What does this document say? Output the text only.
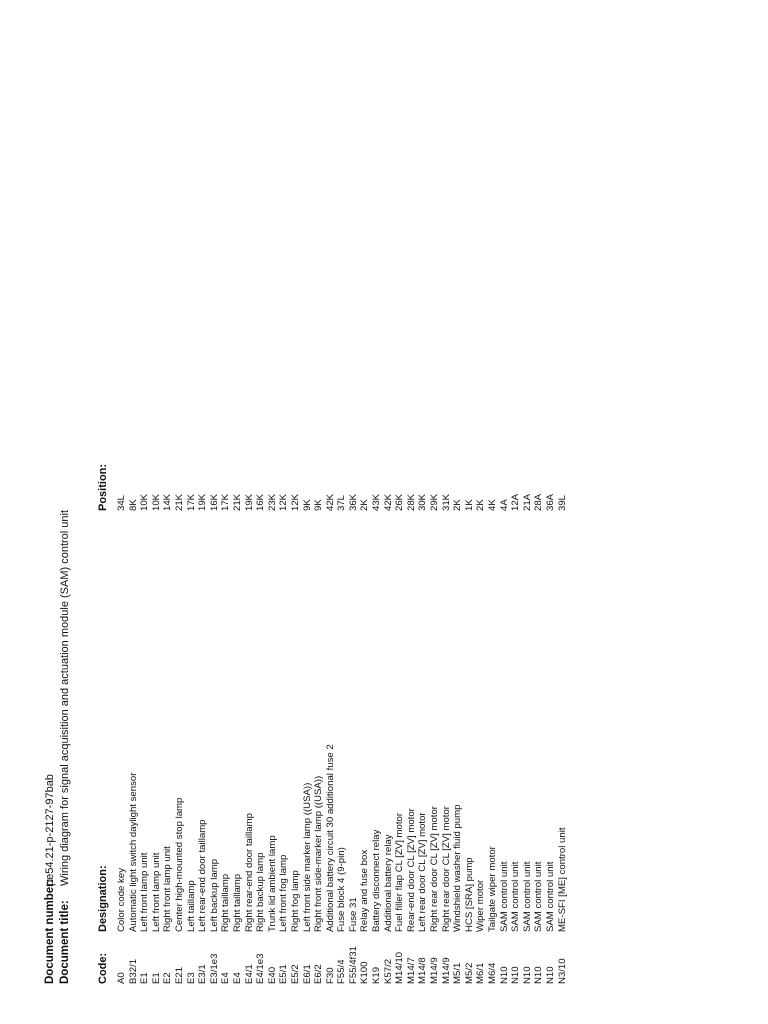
Document number:
pe54.21-p-2127-97bab
Document title:
Wiring diagram for signal acquisition and actuation module (SAM) control unit
Code:
Designation:
Position:
A0
Color code key
34L
B32/1
Automatic light switch daylight sensor
8K
E1
Left front lamp unit
10K
E1
Left front lamp unit
10K
E2
Right front lamp unit
14K
E21
Center high-mounted stop lamp
21K
E3
Left taillamp
17K
E3/1
Left rear-end door taillamp
19K
E3/1e3
Left backup lamp
16K
E4
Right taillamp
17K
E4
Right taillamp
21K
E4/1
Right rear-end door taillamp
19K
E4/1e3
Right backup lamp
16K
E40
Trunk lid ambient lamp
23K
E5/1
Left front fog lamp
12K
E5/2
Right fog lamp
12K
E6/1
Left front side marker lamp ((USA))
9K
E6/2
Right front side-marker lamp ((USA))
9K
F30
Additional battery circuit 30 additional fuse 2
42K
F55/4
Fuse block 4 (9-pin)
37L
F55/4f31
Fuse 31
36K
K100
Relay and fuse box
2K
K19
Battery disconnect relay
43K
K57/2
Additional battery relay
42K
M14/10
Fuel filler flap CL [ZV] motor
26K
M14/7
Rear-end door CL [ZV] motor
28K
M14/8
Left rear door CL [ZV] motor
30K
M14/9
Right rear door CL [ZV] motor
29K
M14/9
Right rear door CL [ZV] motor
31K
M5/1
Windshield washer fluid pump
2K
M5/2
HCS [SRA] pump
1K
M6/1
Wiper motor
2K
M6/4
Tailgate wiper motor
4K
N10
SAM control unit
4A
N10
SAM control unit
12A
N10
SAM control unit
21A
N10
SAM control unit
28A
N10
SAM control unit
36A
N3/10
ME-SFI [ME] control unit
39L
